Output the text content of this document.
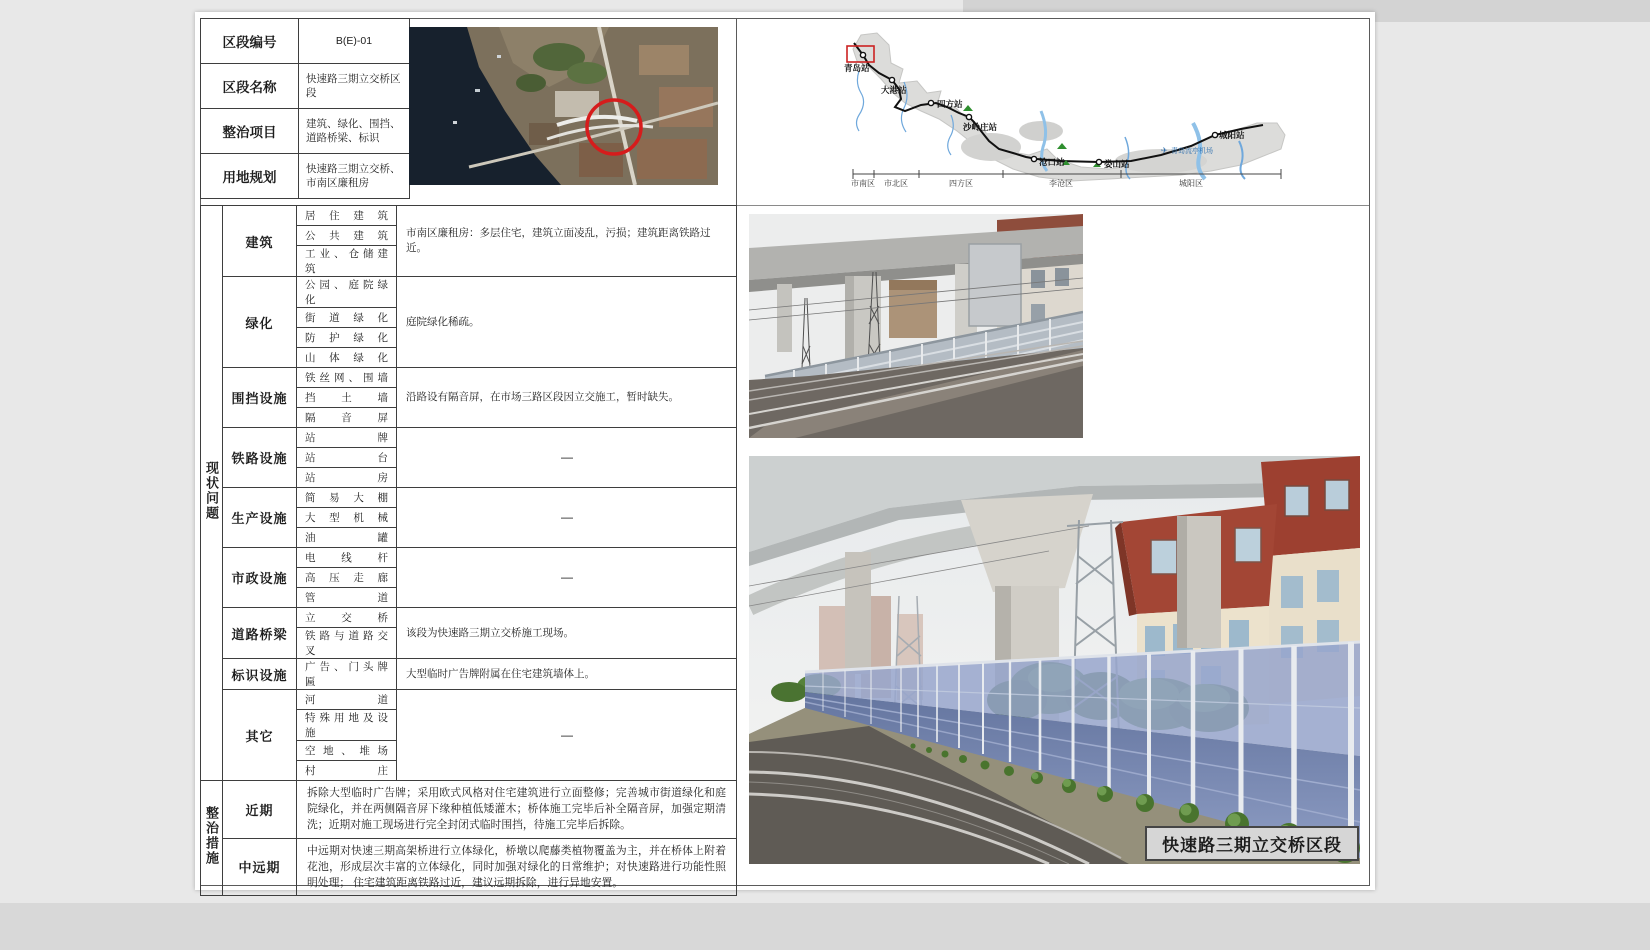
区段编号	B(E)-01
区段名称	快速路三期立交桥区段
整治项目	建筑、绿化、围挡、道路桥梁、标识
用地规划	快速路三期立交桥、市南区廉租房
青岛站
大港站
四方站
沙岭庄站
沧口站	娄山站
城阳站
✈ 青岛流亭机场
市南区 市北区	四方区	李沧区	城阳区
现状问题	建筑	居 住 建 筑	市南区廉租房：多层住宅，建筑立面凌乱，污损；建筑距离铁路过近。
		公 共 建 筑	
		工 业 、 仓 储 建 筑	
	绿化	公 园 、 庭 院 绿 化	庭院绿化稀疏。
		街 道 绿 化	
		防 护 绿 化	
		山 体 绿 化	
	围挡设施	铁 丝 网 、 围 墙	沿路设有隔音屏，在市场三路区段因立交施工，暂时缺失。
		挡 土 墙	
		隔 音 屏	
	铁路设施	站 牌	—
		站 台	
		站 房	
	生产设施	简 易 大 棚	—
		大 型 机 械	
		油 罐	
	市政设施	电 线 杆	—
		高 压 走 廊	
		管 道	
	道路桥梁	立 交 桥	该段为快速路三期立交桥施工现场。
		铁 路 与 道 路 交 叉	
	标识设施	广 告 、 门 头 牌 匾	大型临时广告牌附属在住宅建筑墙体上。
	其它	河 道	—
		特 殊 用 地 及 设 施	
		空 地 、 堆 场	
		村 庄	
整治措施	近期	拆除大型临时广告牌；采用欧式风格对住宅建筑进行立面整修；完善城市街道绿化和庭院绿化，并在两侧隔音屏下缘种植低矮灌木；桥体施工完毕后补全隔音屏，加强定期清洗；近期对施工现场进行完全封闭式临时围挡，待施工完毕后拆除。	
	中远期	中远期对快速三期高架桥进行立体绿化，桥墩以爬藤类植物覆盖为主，并在桥体上附着花池，形成层次丰富的立体绿化，同时加强对绿化的日常维护；对快速路进行功能性照明处理； 住宅建筑距离铁路过近，建议远期拆除，进行异地安置。	
快速路三期立交桥区段
